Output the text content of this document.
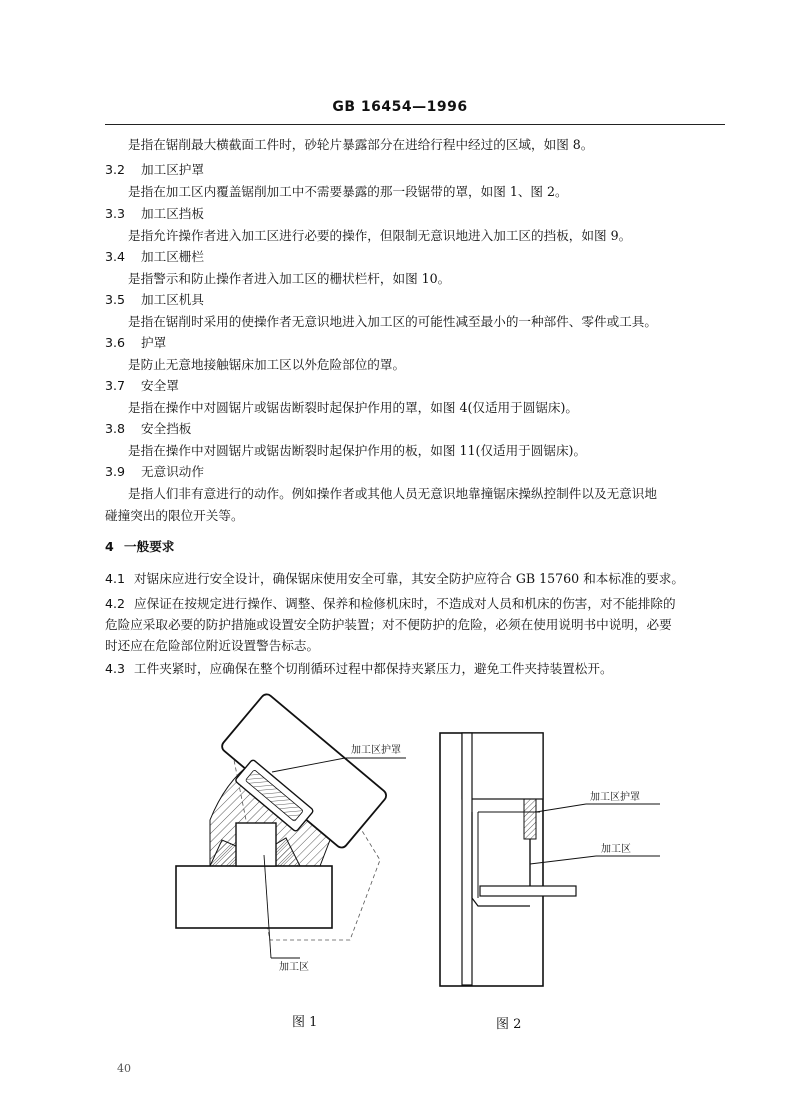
GB 16454—1996
是指在锯削最大横截面工件时，砂轮片暴露部分在进给行程中经过的区域，如图 8。
3.2 加工区护罩
是指在加工区内覆盖锯削加工中不需要暴露的那一段锯带的罩，如图 1、图 2。
3.3 加工区挡板
是指允许操作者进入加工区进行必要的操作，但限制无意识地进入加工区的挡板，如图 9。
3.4 加工区栅栏
是指警示和防止操作者进入加工区的栅状栏杆，如图 10。
3.5 加工区机具
是指在锯削时采用的使操作者无意识地进入加工区的可能性减至最小的一种部件、零件或工具。
3.6 护罩
是防止无意地接触锯床加工区以外危险部位的罩。
3.7 安全罩
是指在操作中对圆锯片或锯齿断裂时起保护作用的罩，如图 4(仅适用于圆锯床)。
3.8 安全挡板
是指在操作中对圆锯片或锯齿断裂时起保护作用的板，如图 11(仅适用于圆锯床)。
3.9 无意识动作
是指人们非有意进行的动作。例如操作者或其他人员无意识地靠撞锯床操纵控制件以及无意识地
碰撞突出的限位开关等。
4 一般要求
4.1 对锯床应进行安全设计，确保锯床使用安全可靠，其安全防护应符合 GB 15760 和本标准的要求。
4.2 应保证在按规定进行操作、调整、保养和检修机床时，不造成对人员和机床的伤害，对不能排除的
危险应采取必要的防护措施或设置安全防护装置；对不便防护的危险，必须在使用说明书中说明，必要
时还应在危险部位附近设置警告标志。
4.3 工件夹紧时，应确保在整个切削循环过程中都保持夹紧压力，避免工件夹持装置松开。
加工区护罩
加工区
加工区护罩
加工区
图 1	图 2
40
